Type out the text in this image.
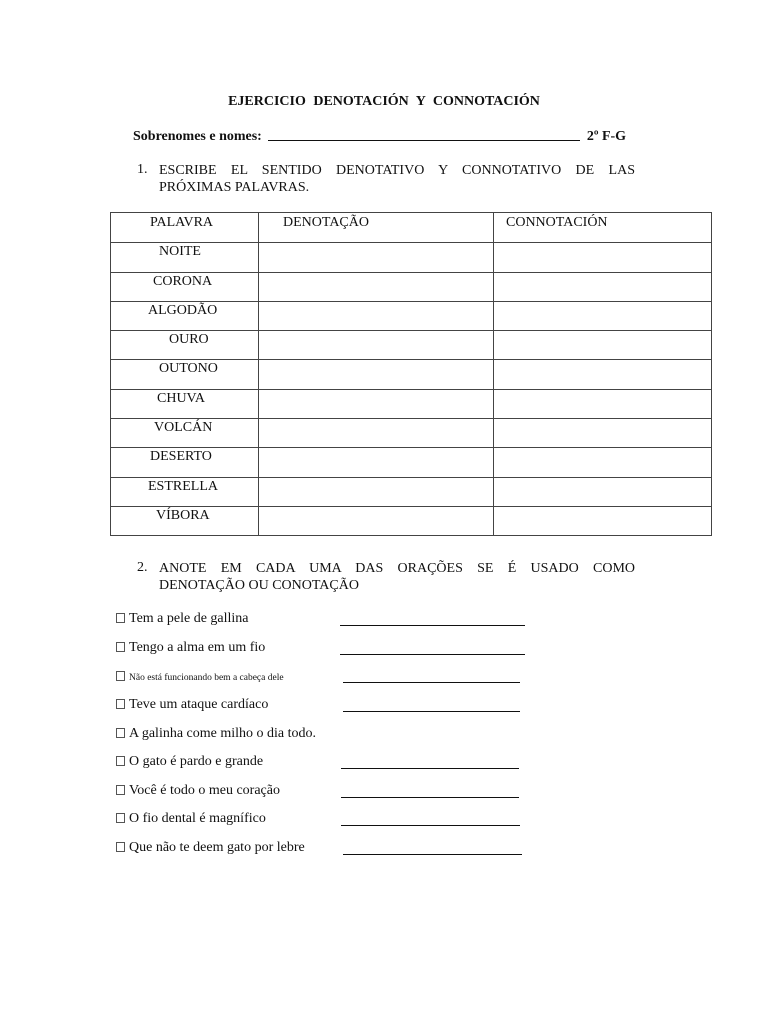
EJERCICIO DENOTACIÓN Y CONNOTACIÓN
Sobrenomes e nomes:	2º F-G
1. ESCRIBE EL SENTIDO DENOTATIVO Y CONNOTATIVO DE LAS
PRÓXIMAS PALAVRAS.
PALAVRA	DENOTAÇÃO	CONNOTACIÓN
NOITE		
CORONA		
ALGODÃO		
OURO		
OUTONO		
CHUVA		
VOLCÁN		
DESERTO		
ESTRELLA		
VÍBORA		
2. ANOTE EM CADA UMA DAS ORAÇÕES SE É USADO COMO
DENOTAÇÃO OU CONOTAÇÃO
Tem a pele de gallina
Tengo a alma em um fio
Não está funcionando bem a cabeça dele
Teve um ataque cardíaco
A galinha come milho o dia todo.
O gato é pardo e grande
Você é todo o meu coração
O fio dental é magnífico
Que não te deem gato por lebre
